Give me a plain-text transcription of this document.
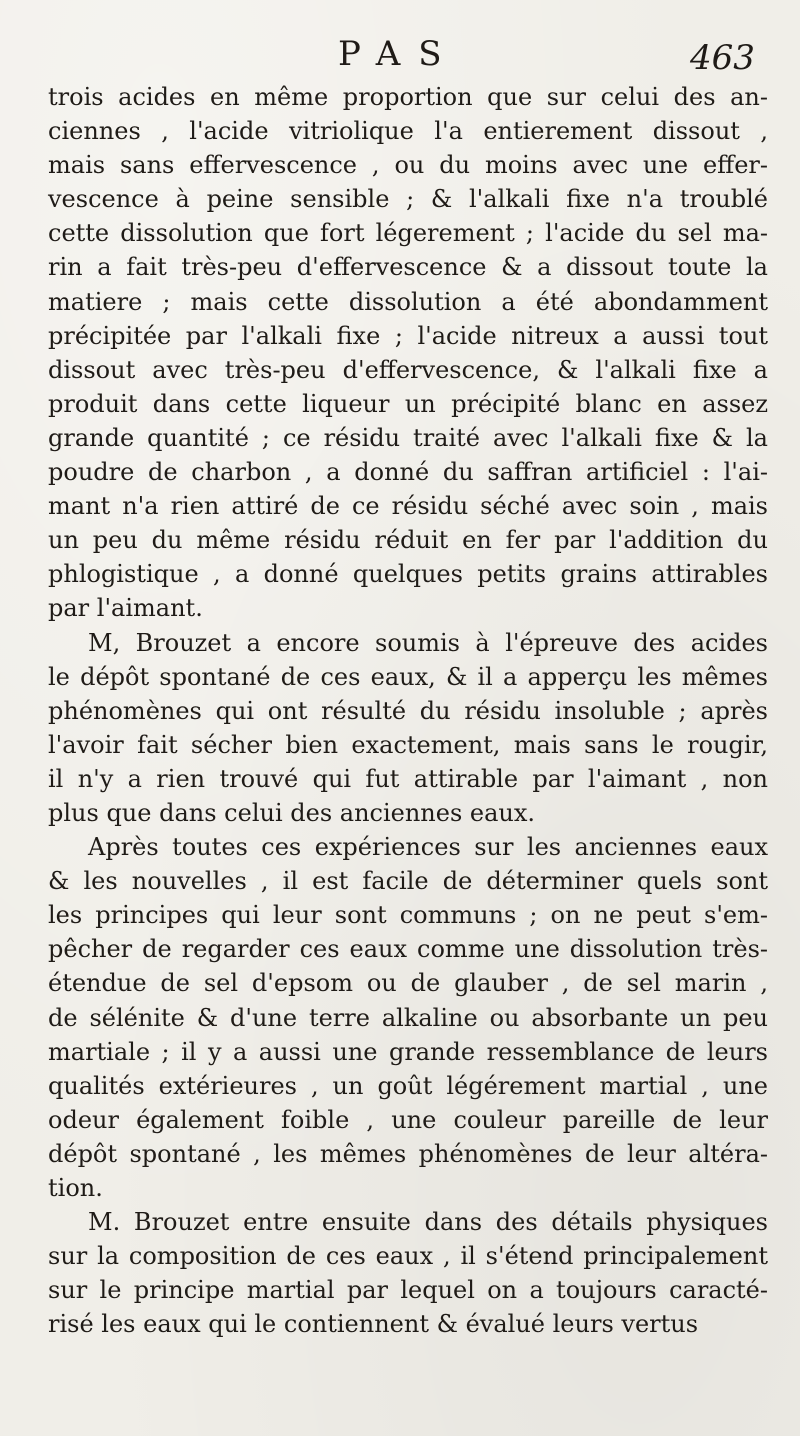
PAS	463
trois acides en même proportion que sur celui des an-
ciennes , l'acide vitriolique l'a entierement dissout ,
mais sans effervescence , ou du moins avec une effer-
vescence à peine sensible ; & l'alkali fixe n'a troublé
cette dissolution que fort légerement ; l'acide du sel ma-
rin a fait très-peu d'effervescence & a dissout toute la
matiere ; mais cette dissolution a été abondamment
précipitée par l'alkali fixe ; l'acide nitreux a aussi tout
dissout avec très-peu d'effervescence, & l'alkali fixe a
produit dans cette liqueur un précipité blanc en assez
grande quantité ; ce résidu traité avec l'alkali fixe & la
poudre de charbon , a donné du saffran artificiel : l'ai-
mant n'a rien attiré de ce résidu séché avec soin , mais
un peu du même résidu réduit en fer par l'addition du
phlogistique , a donné quelques petits grains attirables
par l'aimant.
M, Brouzet a encore soumis à l'épreuve des acides
le dépôt spontané de ces eaux, & il a apperçu les mêmes
phénomènes qui ont résulté du résidu insoluble ; après
l'avoir fait sécher bien exactement, mais sans le rougir,
il n'y a rien trouvé qui fut attirable par l'aimant , non
plus que dans celui des anciennes eaux.
Après toutes ces expériences sur les anciennes eaux
& les nouvelles , il est facile de déterminer quels sont
les principes qui leur sont communs ; on ne peut s'em-
pêcher de regarder ces eaux comme une dissolution très-
étendue de sel d'epsom ou de glauber , de sel marin ,
de sélénite & d'une terre alkaline ou absorbante un peu
martiale ; il y a aussi une grande ressemblance de leurs
qualités extérieures , un goût légérement martial , une
odeur également foible , une couleur pareille de leur
dépôt spontané , les mêmes phénomènes de leur altéra-
tion.
M. Brouzet entre ensuite dans des détails physiques
sur la composition de ces eaux , il s'étend principalement
sur le principe martial par lequel on a toujours caracté-
risé les eaux qui le contiennent & évalué leurs vertus
